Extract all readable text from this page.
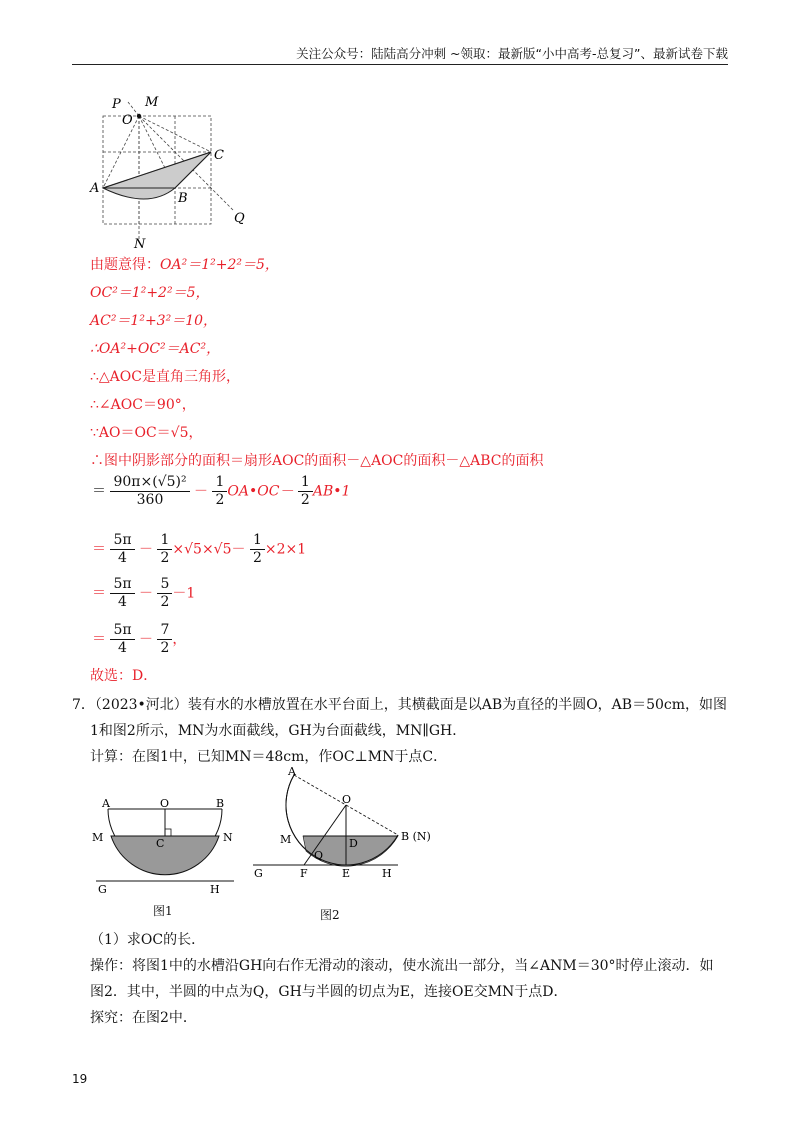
关注公众号：陆陆高分冲刺 ~领取：最新版“小中高考-总复习”、最新试卷下载
P M
O
C
A
B
Q
N
由题意得：OA²＝1²+2²＝5，
OC²＝1²+2²＝5，
AC²＝1²+3²＝10，
∴OA²+OC²＝AC²，
∴△AOC是直角三角形，
∴∠AOC＝90°，
∵AO＝OC＝√5，
∴图中阴影部分的面积＝扇形AOC的面积－△AOC的面积－△ABC的面积
＝ $\frac{\text{90π×(√5)²}}{360} - \frac{1}{2}$ OA•OC－ $\frac{1}{2}$ AB•1
＝ $\frac{5\pi}{4} - \frac{1}{2} \times√5\times√5- \frac{1}{2} \times 2\times 1$
＝ $\frac{5\pi}{4} - \frac{5}{2} -1$
＝ $\frac{5\pi}{4} - \frac{7}{2}$ ，
故选：D．
7．（2023•河北）装有水的水槽放置在水平台面上，其横截面是以AB为直径的半圆O，AB＝50cm，如图
1和图2所示，MN为水面截线，GH为台面截线，MN∥GH．
计算：在图1中，已知MN＝48cm，作OC⊥MN于点C．
A	O	B
M	C	N
G	H
图1
A
O
M	D
B (N)
Q
G	F	E	H
图2
（1）求OC的长．
操作：将图1中的水槽沿GH向右作无滑动的滚动，使水流出一部分，当∠ANM＝30°时停止滚动．如
图2．其中，半圆的中点为Q，GH与半圆的切点为E，连接OE交MN于点D．
探究：在图2中．
19
